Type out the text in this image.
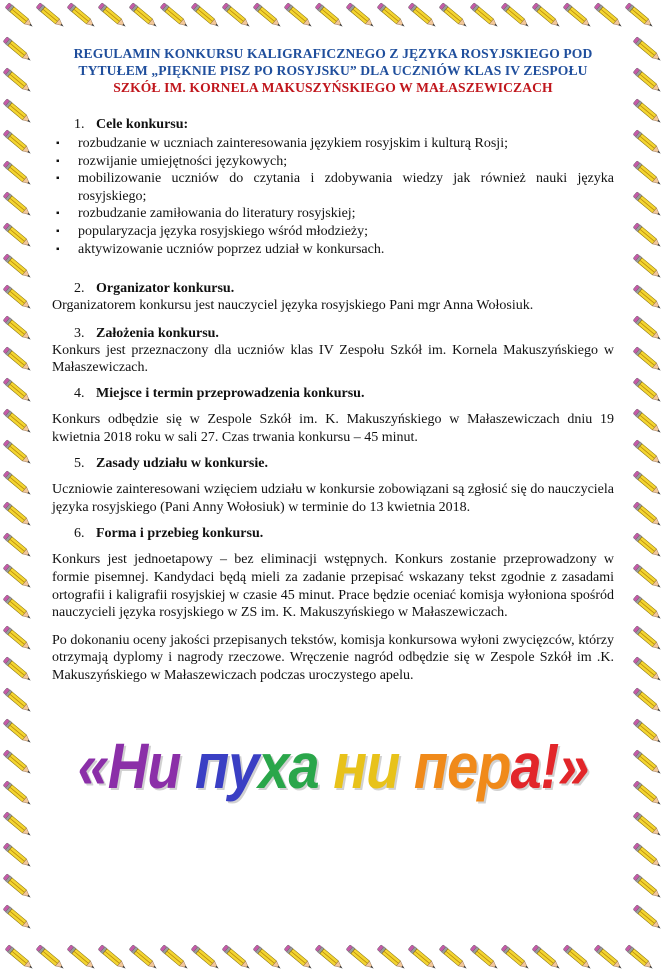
REGULAMIN KONKURSU KALIGRAFICZNEGO Z JĘZYKA ROSYJSKIEGO POD
TYTUŁEM „PIĘKNIE PISZ PO ROSYJSKU” DLA UCZNIÓW KLAS IV ZESPOŁU
SZKÓŁ IM. KORNELA MAKUSZYŃSKIEGO W MAŁASZEWICZACH
1. Cele konkursu:
▪ rozbudzanie w uczniach zainteresowania językiem rosyjskim i kulturą Rosji;
▪ rozwijanie umiejętności językowych;
▪ mobilizowanie uczniów do czytania i zdobywania wiedzy jak również nauki języka rosyjskiego;
▪ rozbudzanie zamiłowania do literatury rosyjskiej;
▪ popularyzacja języka rosyjskiego wśród młodzieży;
▪ aktywizowanie uczniów poprzez udział w konkursach.
2. Organizator konkursu.

Organizatorem konkursu jest nauczyciel języka rosyjskiego Pani mgr Anna Wołosiuk.

3. Założenia konkursu.

Konkurs jest przeznaczony dla uczniów klas IV Zespołu Szkół im. Kornela Makuszyńskiego w Małaszewiczach.

4. Miejsce i termin przeprowadzenia konkursu.

Konkurs odbędzie się w Zespole Szkół im. K. Makuszyńskiego w Małaszewiczach dniu 19 kwietnia 2018 roku w sali 27. Czas trwania konkursu – 45 minut.

5. Zasady udziału w konkursie.

Uczniowie zainteresowani wzięciem udziału w konkursie zobowiązani są zgłosić się do nauczyciela języka rosyjskiego (Pani Anny Wołosiuk) w terminie do 13 kwietnia 2018.

6. Forma i przebieg konkursu.

Konkurs jest jednoetapowy – bez eliminacji wstępnych. Konkurs zostanie przeprowadzony w formie pisemnej. Kandydaci będą mieli za zadanie przepisać wskazany tekst zgodnie z zasadami ortografii i kaligrafii rosyjskiej w czasie 45 minut. Prace będzie oceniać komisja wyłoniona spośród nauczycieli języka rosyjskiego w ZS im. K. Makuszyńskiego w Małaszewiczach.

Po dokonaniu oceny jakości przepisanych tekstów, komisja konkursowa wyłoni zwycięzców, którzy otrzymają dyplomy i nagrody rzeczowe. Wręczenie nagród odbędzie się w Zespole Szkół im .K. Makuszyńskiego w Małaszewiczach podczas uroczystego apelu.

«Ни пуха ни пера!»
